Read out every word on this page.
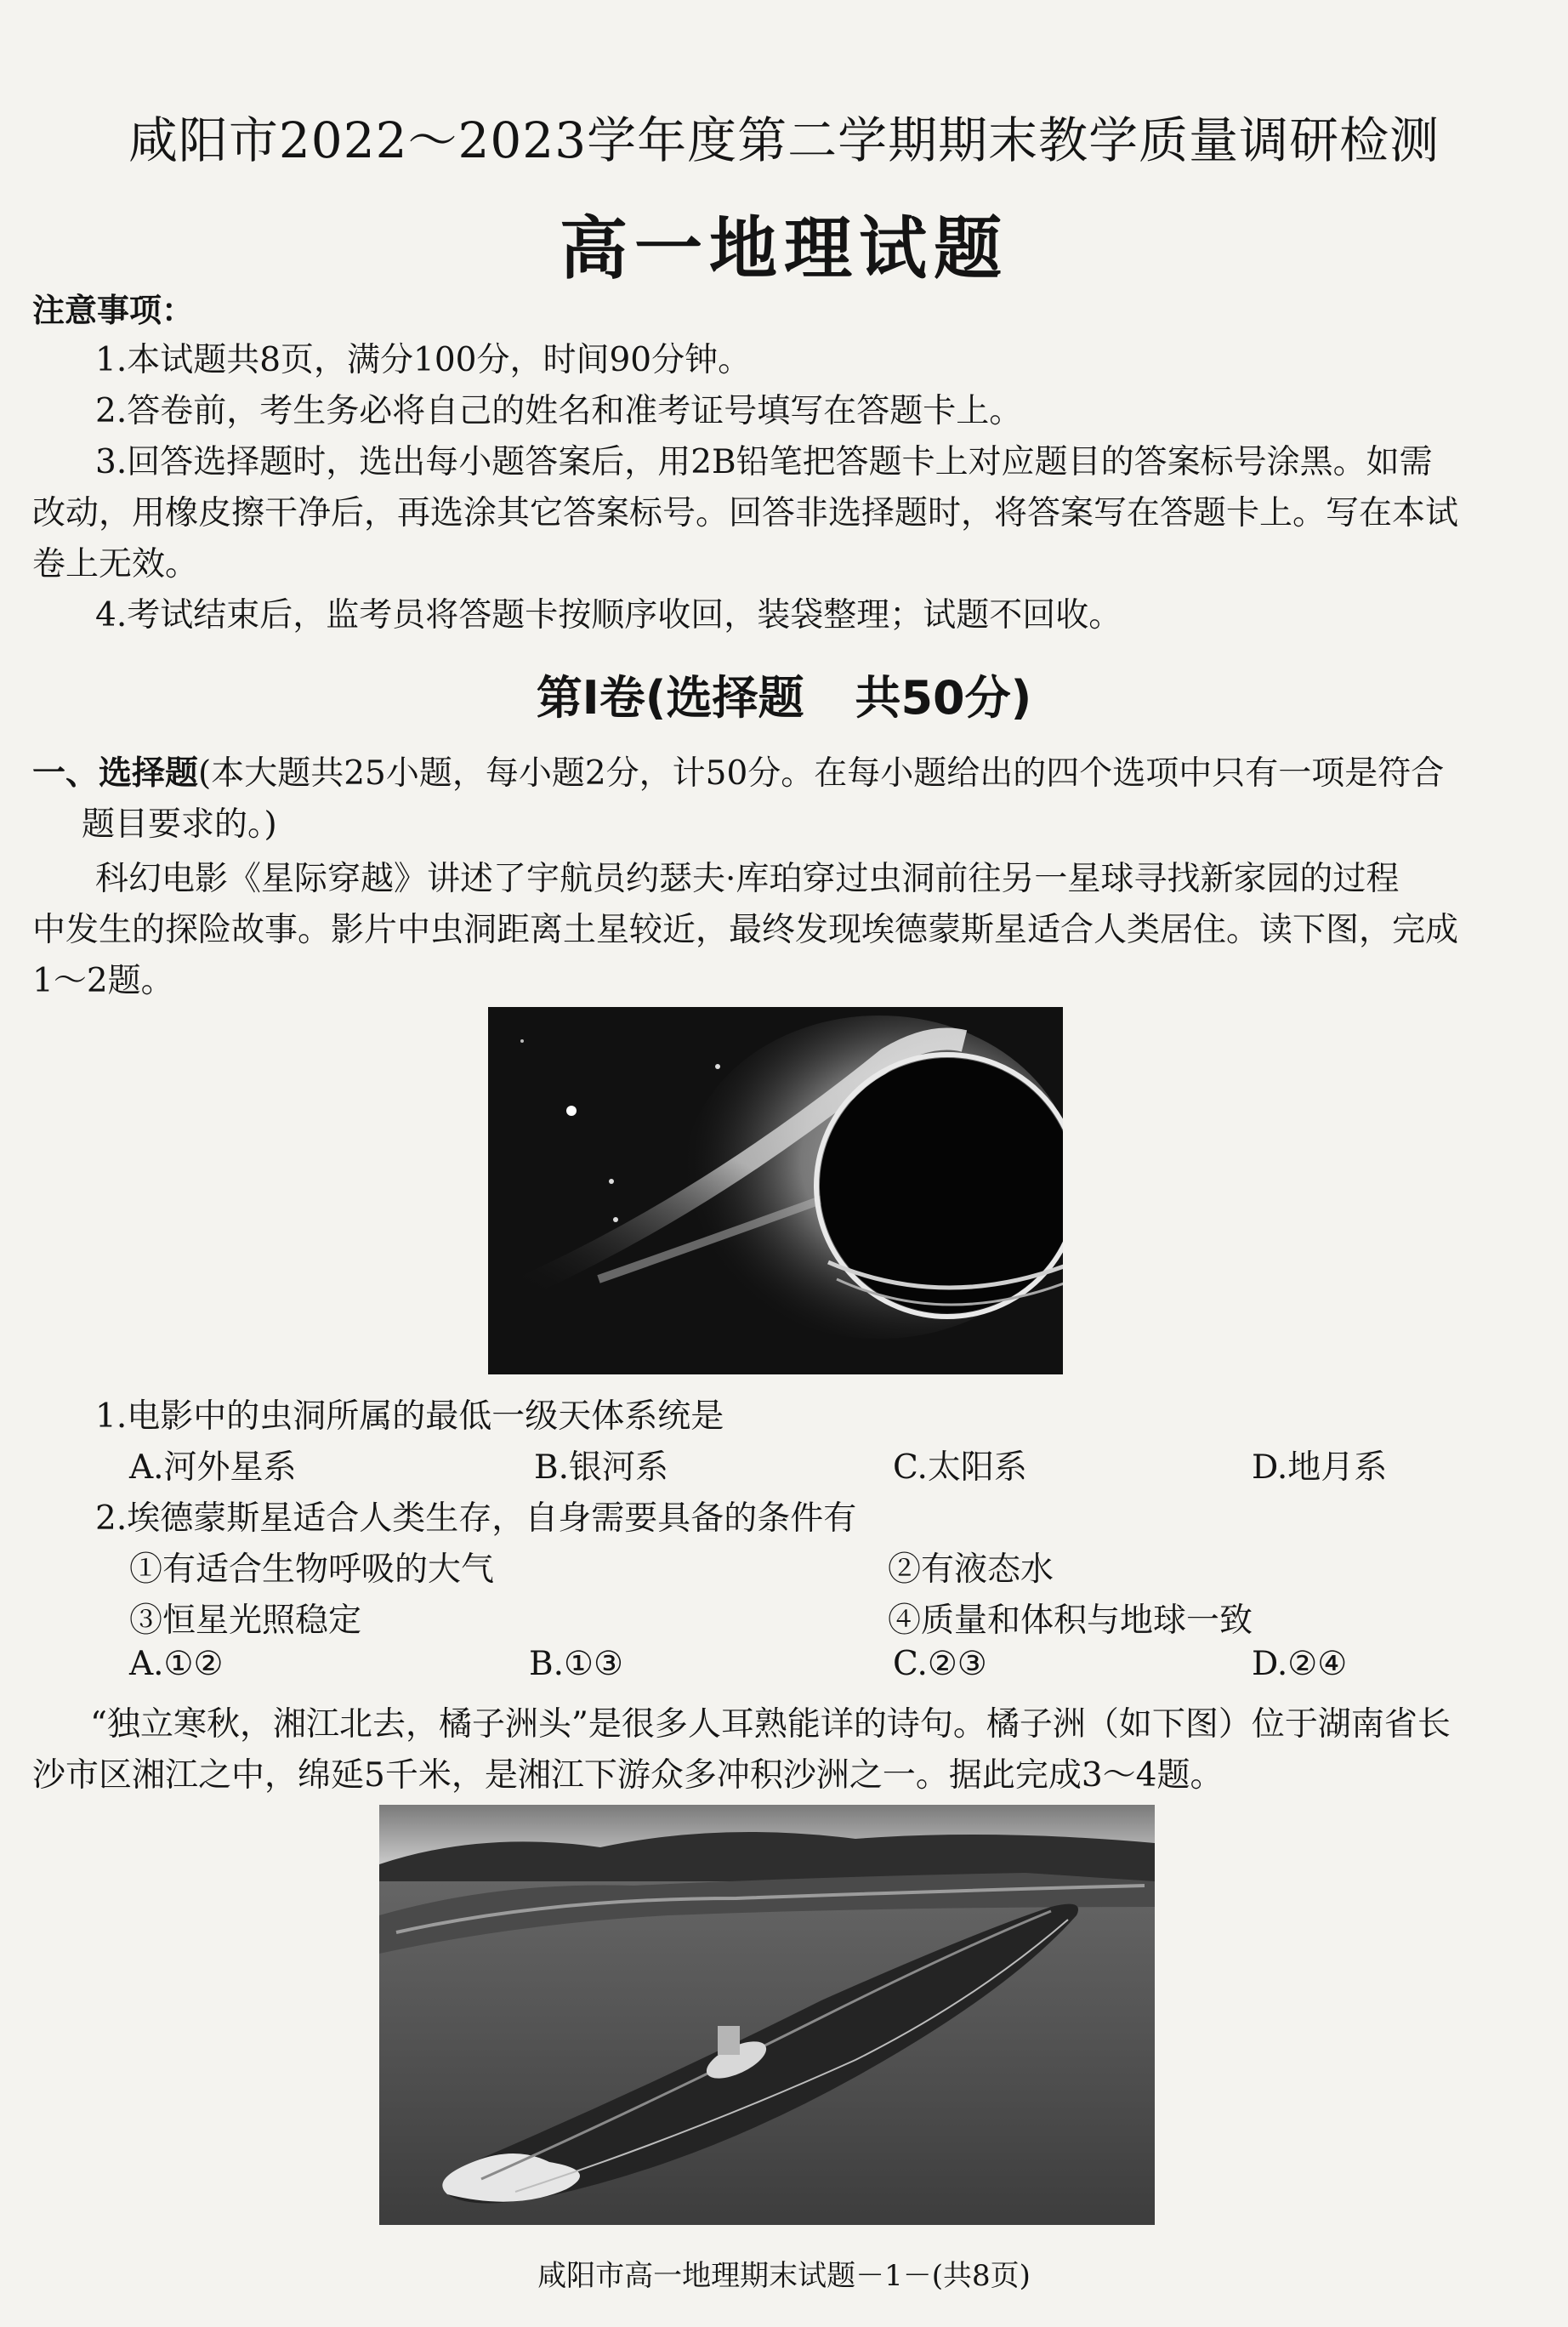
咸阳市2022～2023学年度第二学期期末教学质量调研检测
高一地理试题
注意事项：
1.本试题共8页，满分100分，时间90分钟。
2.答卷前，考生务必将自己的姓名和准考证号填写在答题卡上。
3.回答选择题时，选出每小题答案后，用2B铅笔把答题卡上对应题目的答案标号涂黑。如需
改动，用橡皮擦干净后，再选涂其它答案标号。回答非选择题时，将答案写在答题卡上。写在本试
卷上无效。
4.考试结束后，监考员将答题卡按顺序收回，装袋整理；试题不回收。
第Ⅰ卷(选择题 共50分)
一、选择题(本大题共25小题，每小题2分，计50分。在每小题给出的四个选项中只有一项是符合
题目要求的。)
科幻电影《星际穿越》讲述了宇航员约瑟夫·库珀穿过虫洞前往另一星球寻找新家园的过程
中发生的探险故事。影片中虫洞距离土星较近，最终发现埃德蒙斯星适合人类居住。读下图，完成
1～2题。
1.电影中的虫洞所属的最低一级天体系统是
A.河外星系	B.银河系	C.太阳系	D.地月系
2.埃德蒙斯星适合人类生存，自身需要具备的条件有
①有适合生物呼吸的大气	②有液态水
③恒星光照稳定	④质量和体积与地球一致
A.①②	B.①③	C.②③	D.②④
“独立寒秋，湘江北去，橘子洲头”是很多人耳熟能详的诗句。橘子洲（如下图）位于湖南省长
沙市区湘江之中，绵延5千米，是湘江下游众多冲积沙洲之一。据此完成3～4题。
咸阳市高一地理期末试题－1－(共8页)
